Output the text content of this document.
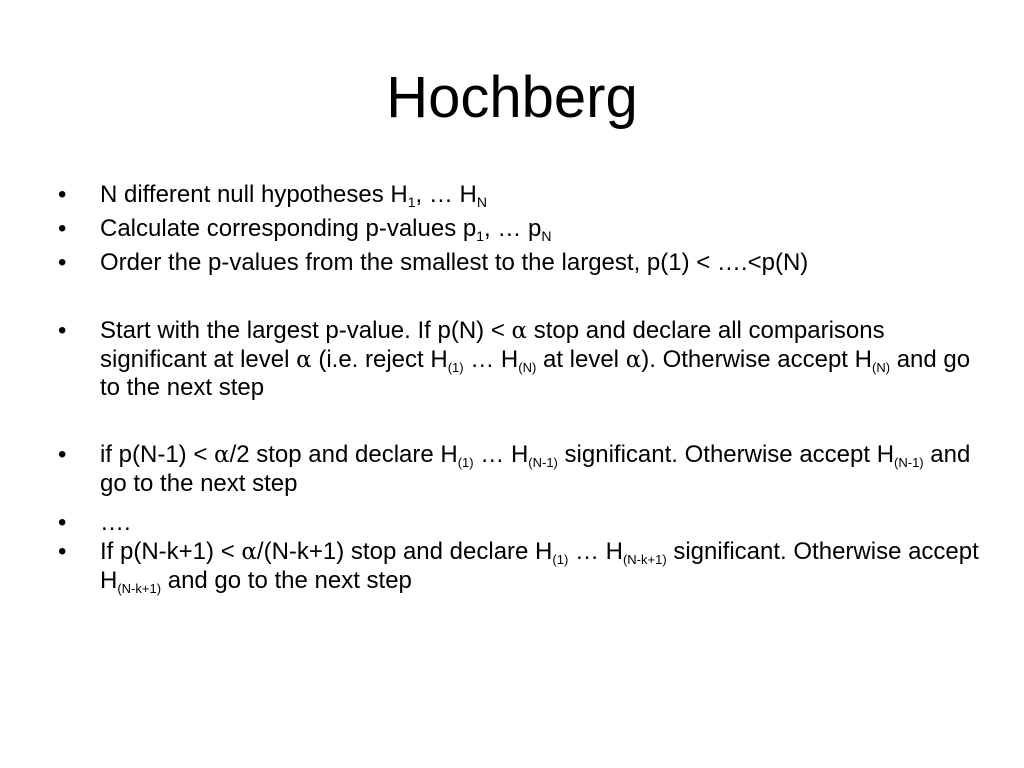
Hochberg
• N different null hypotheses $H_1$, … $H_N$
• Calculate corresponding p-values $p_1$, … $p_N$
• Order the p-values from the smallest to the largest, p(1) < ….<p(N)
• Start with the largest p-value. If p(N) < α stop and declare all comparisons significant at level α (i.e. reject $H_{(1)}$ … $H_{(N)}$ at level α). Otherwise accept $H_{(N)}$ and go to the next step
• if p(N-1) < α/2 stop and declare $H_{(1)}$ … $H_{(N-1)}$ significant. Otherwise accept $H_{(N-1)}$ and go to the next step
• ….
• If p(N-k+1) < α/(N-k+1) stop and declare $H_{(1)}$ … $H_{(N-k+1)}$ significant. Otherwise accept $H_{(N-k+1)}$ and go to the next step
